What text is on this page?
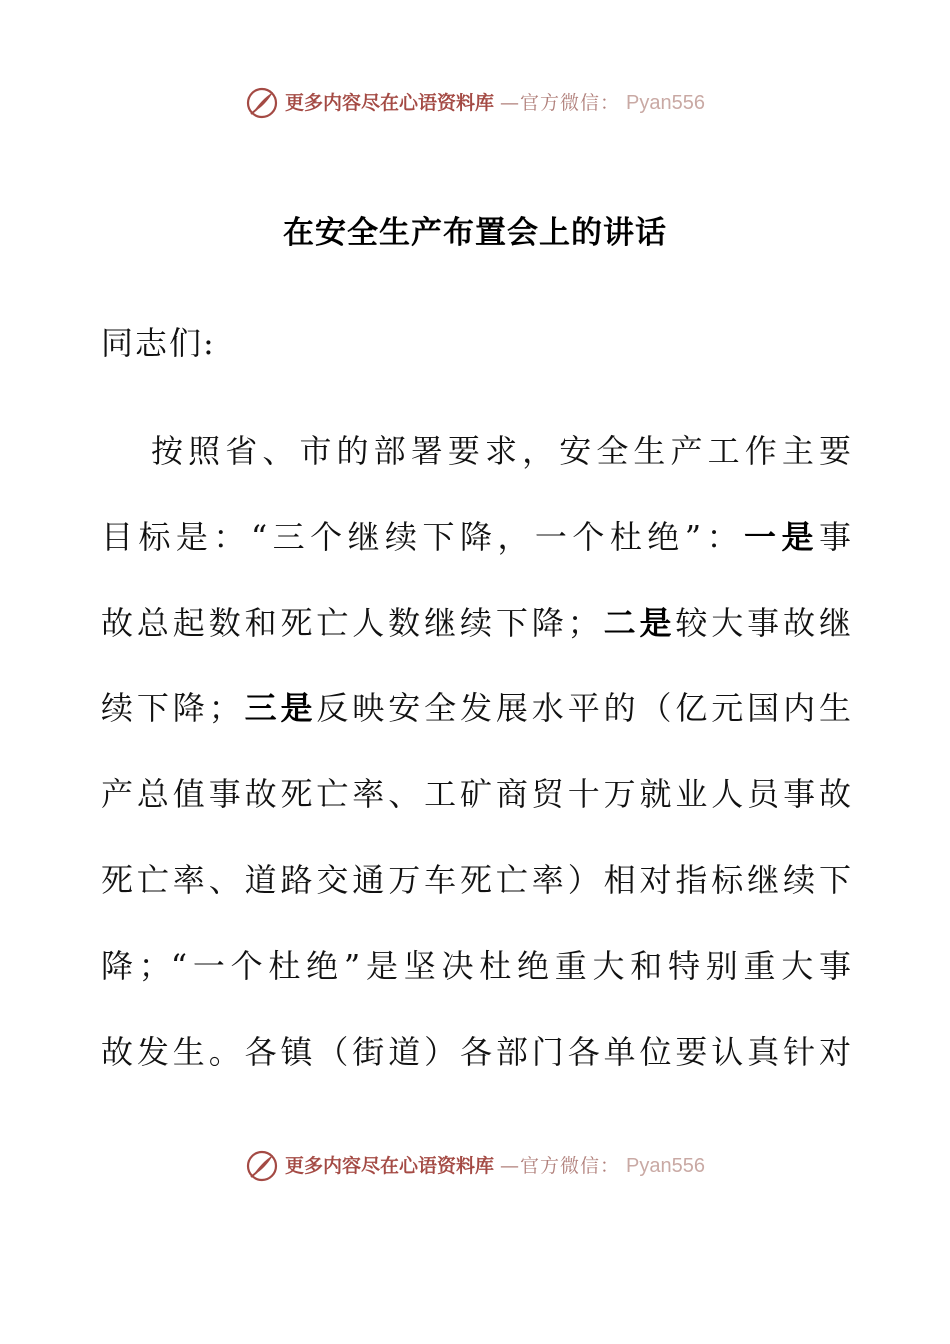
更多内容尽在心语资料库 —官方微信： Pyan556
在安全生产布置会上的讲话
同志们:
按照省、市的部署要求，安全生产工作主要
目标是：“三个继续下降，一个杜绝”：一是事
故总起数和死亡人数继续下降；二是较大事故继
续下降；三是反映安全发展水平的（亿元国内生
产总值事故死亡率、工矿商贸十万就业人员事故
死亡率、道路交通万车死亡率）相对指标继续下
降；“一个杜绝”是坚决杜绝重大和特别重大事
故发生。各镇（街道）各部门各单位要认真针对
更多内容尽在心语资料库 —官方微信： Pyan556
